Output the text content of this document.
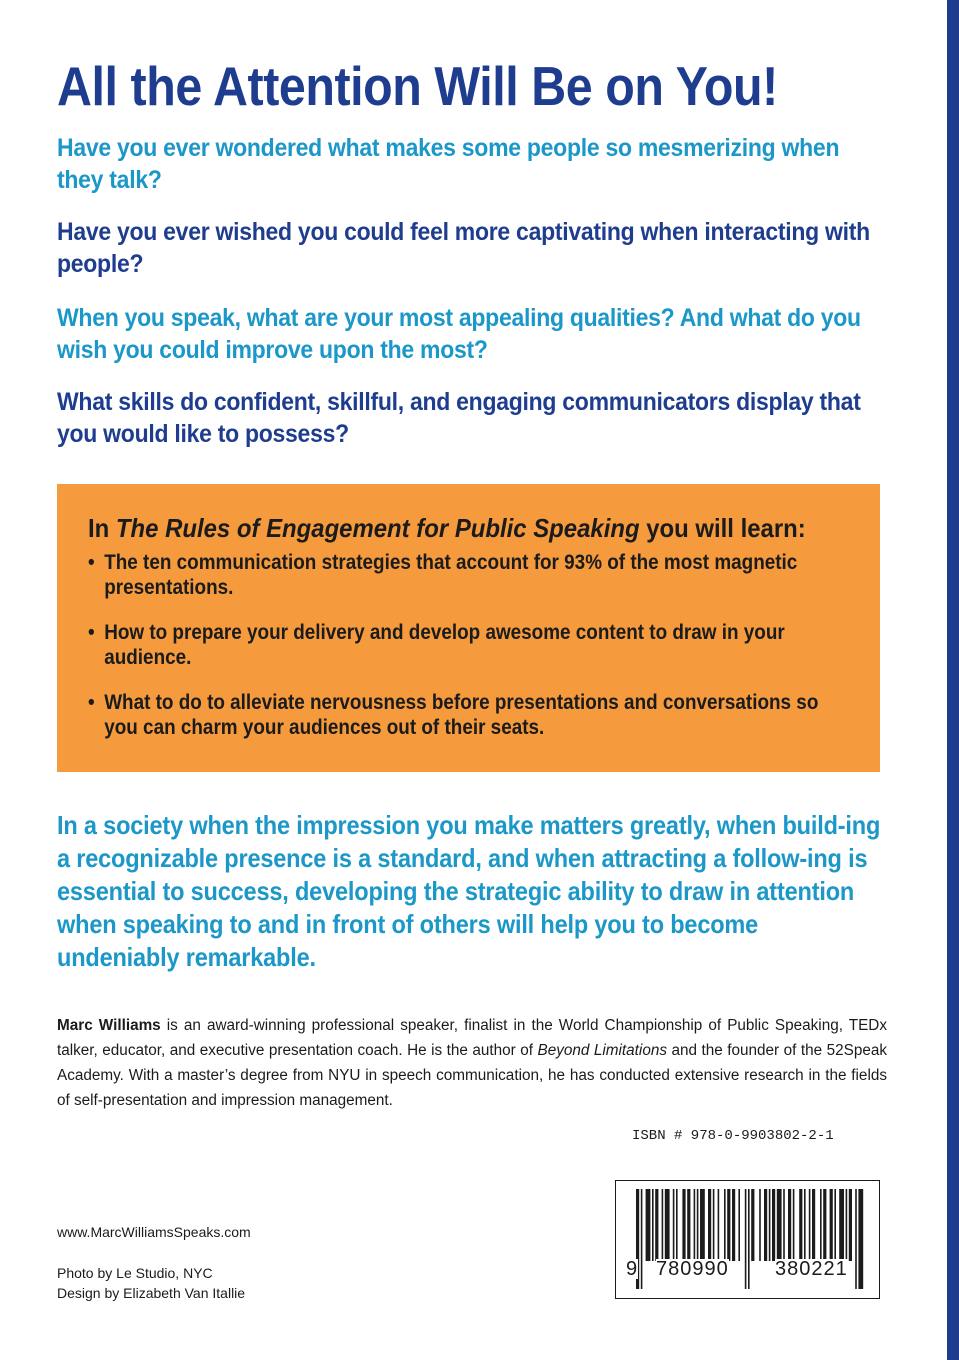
All the Attention Will Be on You!

Have you ever wondered what makes some people so mesmerizing when they talk?

Have you ever wished you could feel more captivating when interacting with people?

When you speak, what are your most appealing qualities? And what do you wish you could improve upon the most?

What skills do confident, skillful, and engaging communicators display that you would like to possess?

In The Rules of Engagement for Public Speaking you will learn:

• The ten communication strategies that account for 93% of the most magnetic presentations.
• How to prepare your delivery and develop awesome content to draw in your audience.
• What to do to alleviate nervousness before presentations and conversations so you can charm your audiences out of their seats.

In a society when the impression you make matters greatly, when build-ing a recognizable presence is a standard, and when attracting a follow-ing is essential to success, developing the strategic ability to draw in attention when speaking to and in front of others will help you to become undeniably remarkable.

Marc Williams is an award-winning professional speaker, finalist in the World Championship of Public Speaking, TEDx talker, educator, and executive presentation coach. He is the author of Beyond Limitations and the founder of the 52Speak Academy. With a master’s degree from NYU in speech communication, he has conducted extensive research in the fields of self-presentation and impression management.

ISBN # 978-0-9903802-2-1
9 780990 380221

www.MarcWilliamsSpeaks.com

Photo by Le Studio, NYC

Design by Elizabeth Van Itallie
